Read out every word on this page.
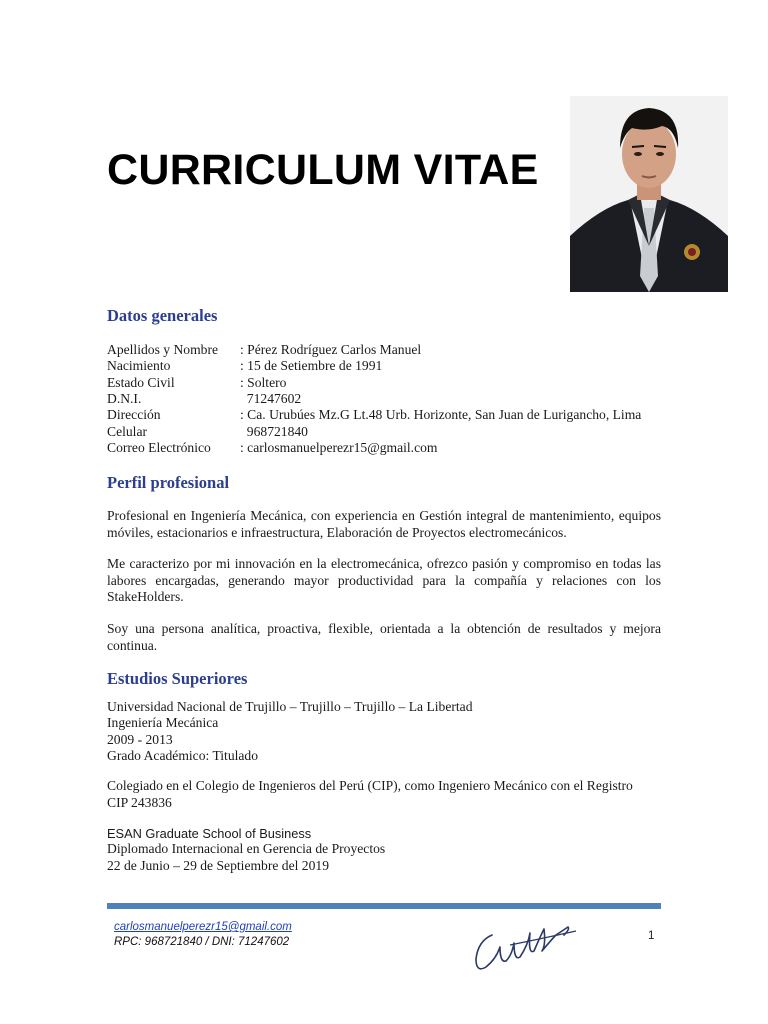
CURRICULUM VITAE
Datos generales
Apellidos y Nombre : Pérez Rodríguez Carlos Manuel
Nacimiento	: 15 de Setiembre de 1991
Estado Civil	: Soltero
D.N.I.	71247602
Dirección	: Ca. Urubúes Mz.G Lt.48 Urb. Horizonte, San Juan de Lurigancho, Lima
Celular	968721840
Correo Electrónico : carlosmanuelperezr15@gmail.com
Perfil profesional

Profesional en Ingeniería Mecánica, con experiencia en Gestión integral de mantenimiento, equipos móviles, estacionarios e infraestructura, Elaboración de Proyectos electromecánicos.

Me caracterizo por mi innovación en la electromecánica, ofrezco pasión y compromiso en todas las labores encargadas, generando mayor productividad para la compañía y relaciones con los StakeHolders.

Soy una persona analítica, proactiva, flexible, orientada a la obtención de resultados y mejora continua.

Estudios Superiores
Universidad Nacional de Trujillo – Trujillo – Trujillo – La Libertad
Ingeniería Mecánica
2009 - 2013
Grado Académico: Titulado

Colegiado en el Colegio de Ingenieros del Perú (CIP), como Ingeniero Mecánico con el Registro CIP 243836

ESAN Graduate School of Business
Diplomado Internacional en Gerencia de Proyectos
22 de Junio – 29 de Septiembre del 2019
carlosmanuelperezr15@gmail.com
RPC: 968721840 / DNI: 71247602	1
